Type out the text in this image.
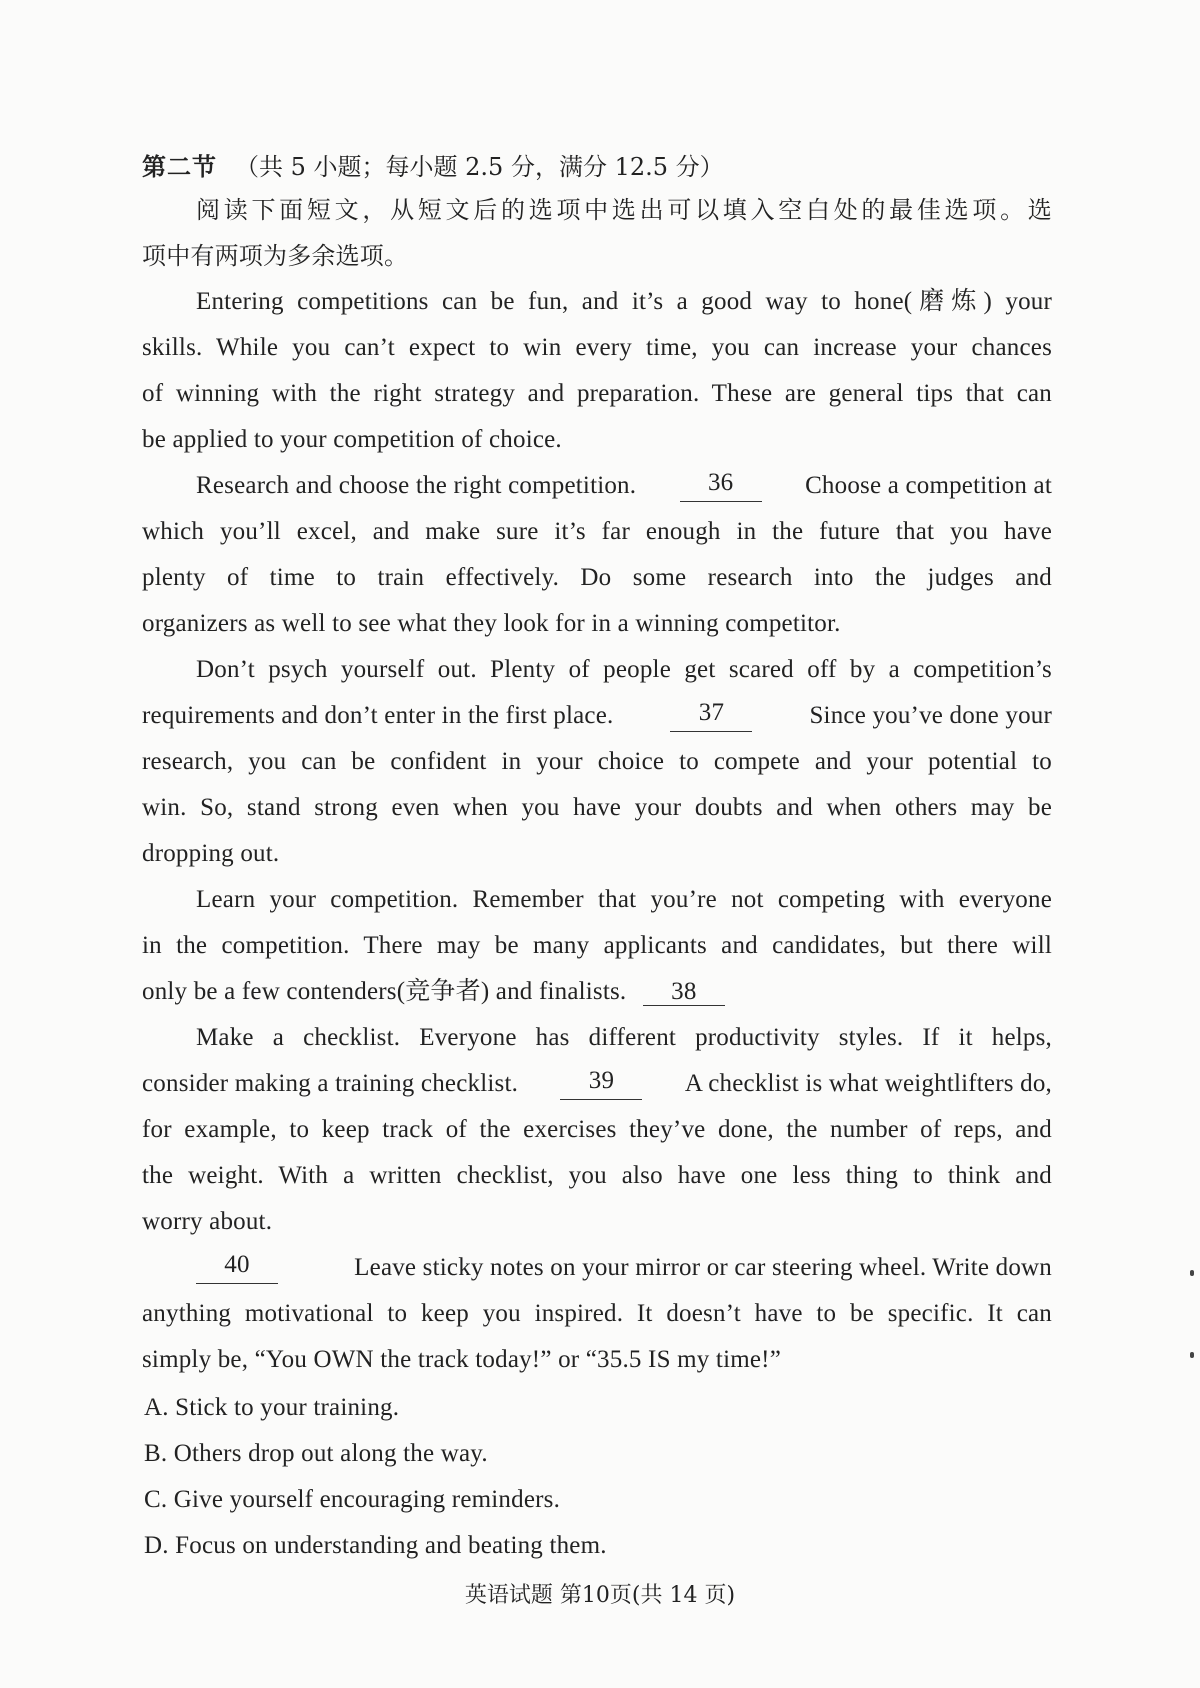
第二节 （共 5 小题；每小题 2.5 分，满分 12.5 分）
阅读下面短文，从短文后的选项中选出可以填入空白处的最佳选项。选
项中有两项为多余选项。
Entering competitions can be fun, and it’s a good way to hone(磨炼) your
skills. While you can’t expect to win every time, you can increase your chances
of winning with the right strategy and preparation. These are general tips that can
be applied to your competition of choice.
Research and choose the right competition.	36	Choose a competition at
which you’ll excel, and make sure it’s far enough in the future that you have
plenty of time to train effectively. Do some research into the judges and
organizers as well to see what they look for in a winning competitor.
Don’t psych yourself out. Plenty of people get scared off by a competition’s
requirements and don’t enter in the first place.	37	Since you’ve done your
research, you can be confident in your choice to compete and your potential to
win. So, stand strong even when you have your doubts and when others may be
dropping out.
Learn your competition. Remember that you’re not competing with everyone
in the competition. There may be many applicants and candidates, but there will
only be a few contenders(竞争者) and finalists. 38
Make a checklist. Everyone has different productivity styles. If it helps,
consider making a training checklist.	39	A checklist is what weightlifters do,
for example, to keep track of the exercises they’ve done, the number of reps, and
the weight. With a written checklist, you also have one less thing to think and
worry about.
40	Leave sticky notes on your mirror or car steering wheel. Write down
anything motivational to keep you inspired. It doesn’t have to be specific. It can
simply be, “You OWN the track today!” or “35.5 IS my time!”
A. Stick to your training.
B. Others drop out along the way.
C. Give yourself encouraging reminders.
D. Focus on understanding and beating them.
英语试题 第10页(共 14 页)
